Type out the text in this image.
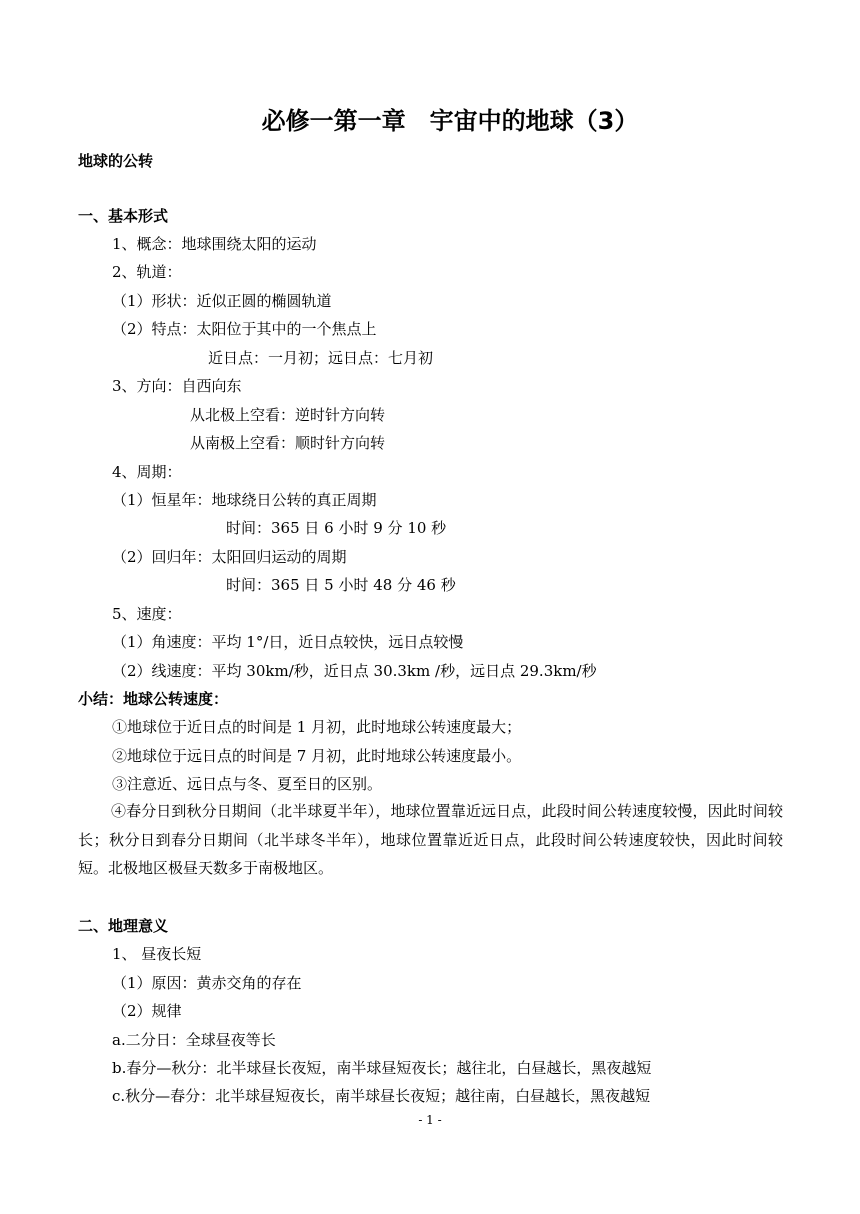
必修一第一章　宇宙中的地球（3）
地球的公转
一、基本形式
1、概念：地球围绕太阳的运动
2、轨道：
（1）形状：近似正圆的椭圆轨道
（2）特点：太阳位于其中的一个焦点上
近日点：一月初；远日点：七月初
3、方向：自西向东
从北极上空看：逆时针方向转
从南极上空看：顺时针方向转
4、周期：
（1）恒星年：地球绕日公转的真正周期
时间：365 日 6 小时 9 分 10 秒
（2）回归年：太阳回归运动的周期
时间：365 日 5 小时 48 分 46 秒
5、速度：
（1）角速度：平均 1°/日，近日点较快，远日点较慢
（2）线速度：平均 30km/秒，近日点 30.3km /秒，远日点 29.3km/秒
小结：地球公转速度：
①地球位于近日点的时间是 1 月初，此时地球公转速度最大；
②地球位于远日点的时间是 7 月初，此时地球公转速度最小。
③注意近、远日点与冬、夏至日的区别。
④春分日到秋分日期间（北半球夏半年），地球位置靠近远日点，此段时间公转速度较慢，因此时间较长；秋分日到春分日期间（北半球冬半年），地球位置靠近近日点，此段时间公转速度较快，因此时间较短。北极地区极昼天数多于南极地区。
二、地理意义
1、 昼夜长短
（1）原因：黄赤交角的存在
（2）规律
a.二分日：全球昼夜等长
b.春分—秋分：北半球昼长夜短，南半球昼短夜长；越往北，白昼越长，黑夜越短
c.秋分—春分：北半球昼短夜长，南半球昼长夜短；越往南，白昼越长，黑夜越短
- 1 -
